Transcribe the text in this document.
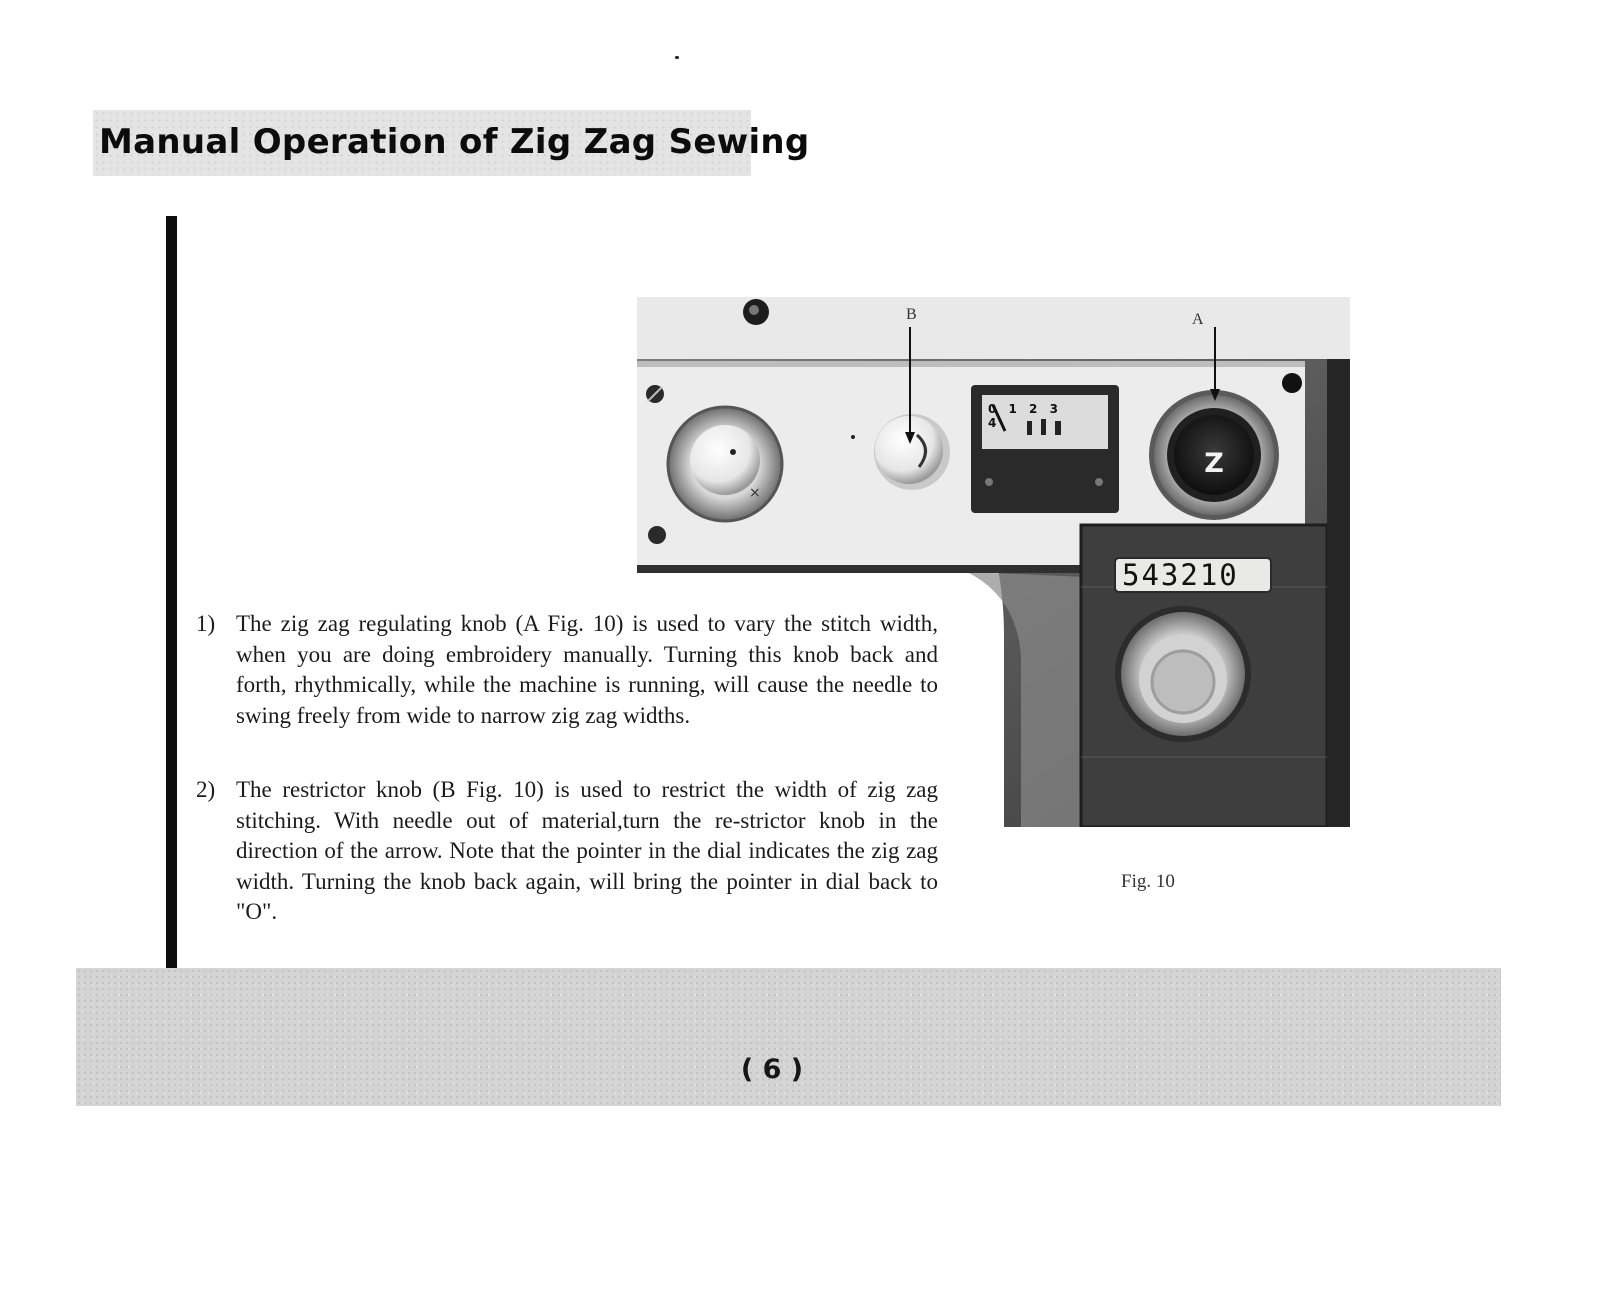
Manual Operation of Zig Zag Sewing
×
B	A
0 1 2 3 4
Z
543210
1) The zig zag regulating knob (A Fig. 10) is used to vary the stitch width, when you are doing embroidery manually. Turning this knob back and forth, rhythmically, while the machine is running, will cause the needle to swing freely from wide to narrow zig zag widths.
2) The restrictor knob (B Fig. 10) is used to restrict the width of zig zag stitching. With needle out of material,turn the re-strictor knob in the direction of the arrow. Note that the pointer in the dial indicates the zig zag width. Turning the knob back again, will bring the pointer in dial back to "O".
Fig. 10
( 6 )
